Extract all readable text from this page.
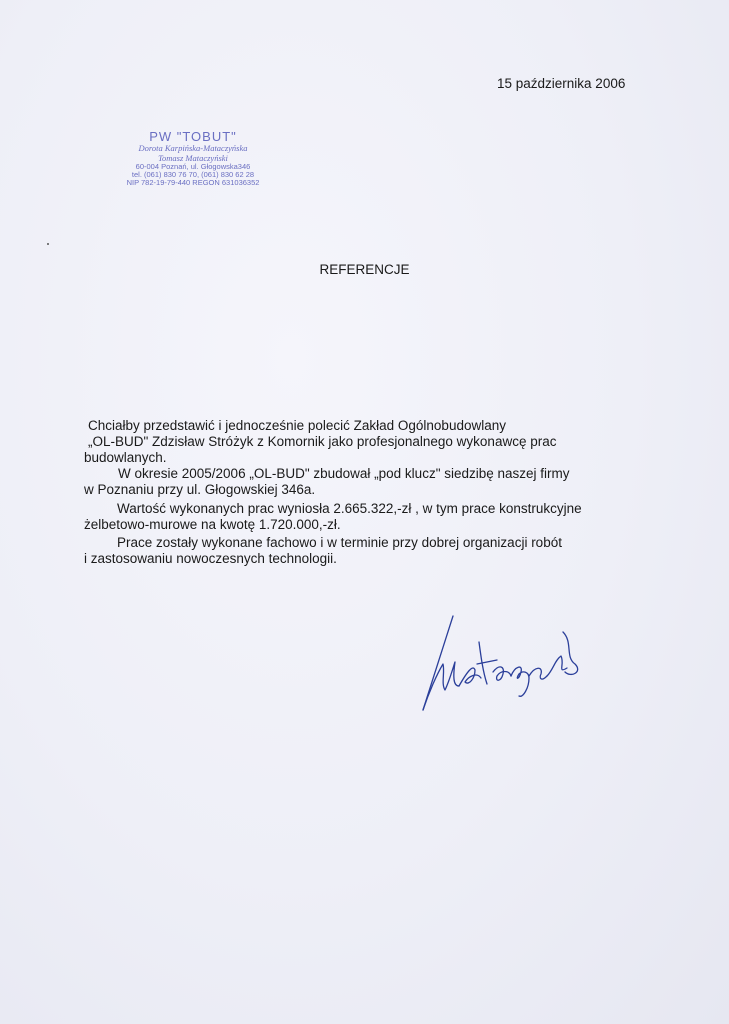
15 października 2006
PW "TOBUT"
Dorota Karpińska-Mataczyńska
Tomasz Mataczyński
60-004 Poznań, ul. Głogowska346
tel. (061) 830 76 70, (061) 830 62 28
NIP 782-19-79-440 REGON 631036352
REFERENCJE
Chciałby przedstawić i jednocześnie polecić Zakład Ogólnobudowlany
„OL-BUD" Zdzisław Stróżyk z Komornik jako profesjonalnego wykonawcę prac
budowlanych.
W okresie 2005/2006 „OL-BUD" zbudował „pod klucz" siedzibę naszej firmy
w Poznaniu przy ul. Głogowskiej 346a.
Wartość wykonanych prac wyniosła 2.665.322,-zł , w tym prace konstrukcyjne
żelbetowo-murowe na kwotę 1.720.000,-zł.
Prace zostały wykonane fachowo i w terminie przy dobrej organizacji robót
i zastosowaniu nowoczesnych technologii.
